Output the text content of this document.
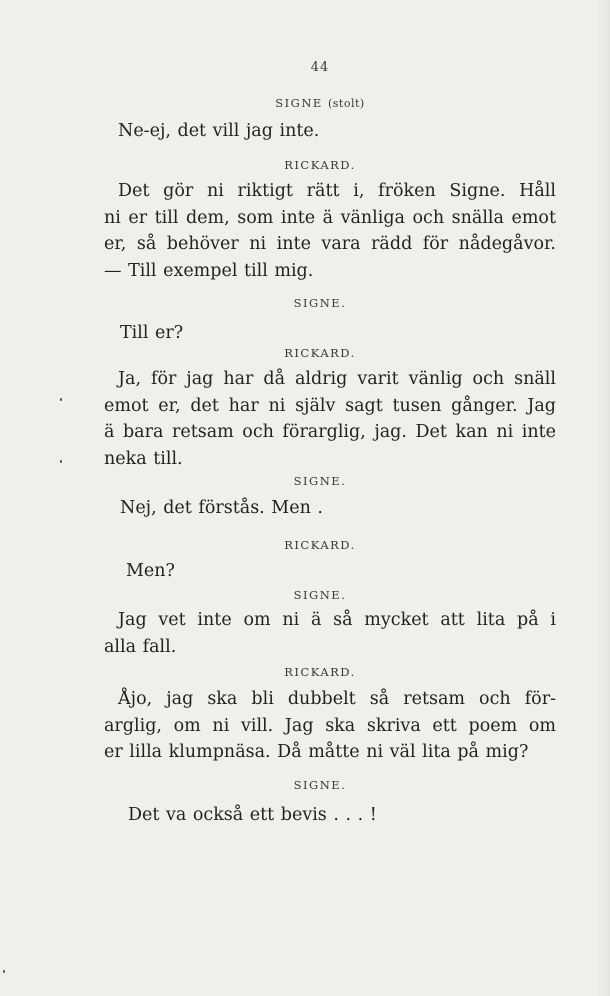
44
SIGNE (stolt)
Ne-ej, det vill jag inte.
RICKARD.
Det gör ni riktigt rätt i, fröken Signe. Håll
ni er till dem, som inte ä vänliga och snälla emot
er, så behöver ni inte vara rädd för nådegåvor.
— Till exempel till mig.
SIGNE.
Till er?
RICKARD.
Ja, för jag har då aldrig varit vänlig och snäll
emot er, det har ni själv sagt tusen gånger. Jag
ä bara retsam och förarglig, jag. Det kan ni inte
neka till.
SIGNE.
Nej, det förstås. Men .
RICKARD.
Men?
SIGNE.
Jag vet inte om ni ä så mycket att lita på i
alla fall.
RICKARD.
Åjo, jag ska bli dubbelt så retsam och för-
arglig, om ni vill. Jag ska skriva ett poem om
er lilla klumpnäsa. Då måtte ni väl lita på mig?
SIGNE.
Det va också ett bevis . . . !
